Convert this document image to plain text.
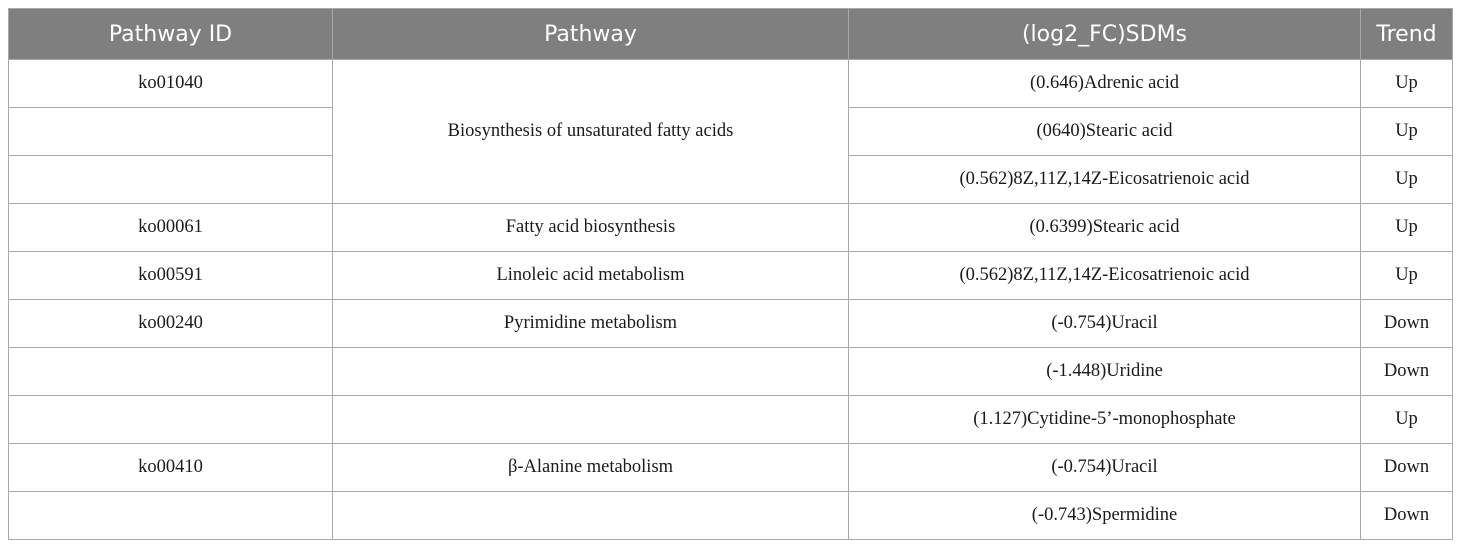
Pathway ID	Pathway	(log2_FC)SDMs	Trend
ko01040	Biosynthesis of unsaturated fatty acids	(0.646)Adrenic acid	Up
		(0640)Stearic acid	Up
		(0.562)8Z,11Z,14Z-Eicosatrienoic acid	Up
ko00061	Fatty acid biosynthesis	(0.6399)Stearic acid	Up
ko00591	Linoleic acid metabolism	(0.562)8Z,11Z,14Z-Eicosatrienoic acid	Up
ko00240	Pyrimidine metabolism	(-0.754)Uracil	Down
		(-1.448)Uridine	Down
		(1.127)Cytidine-5’-monophosphate	Up
ko00410	β-Alanine metabolism	(-0.754)Uracil	Down
		(-0.743)Spermidine	Down
